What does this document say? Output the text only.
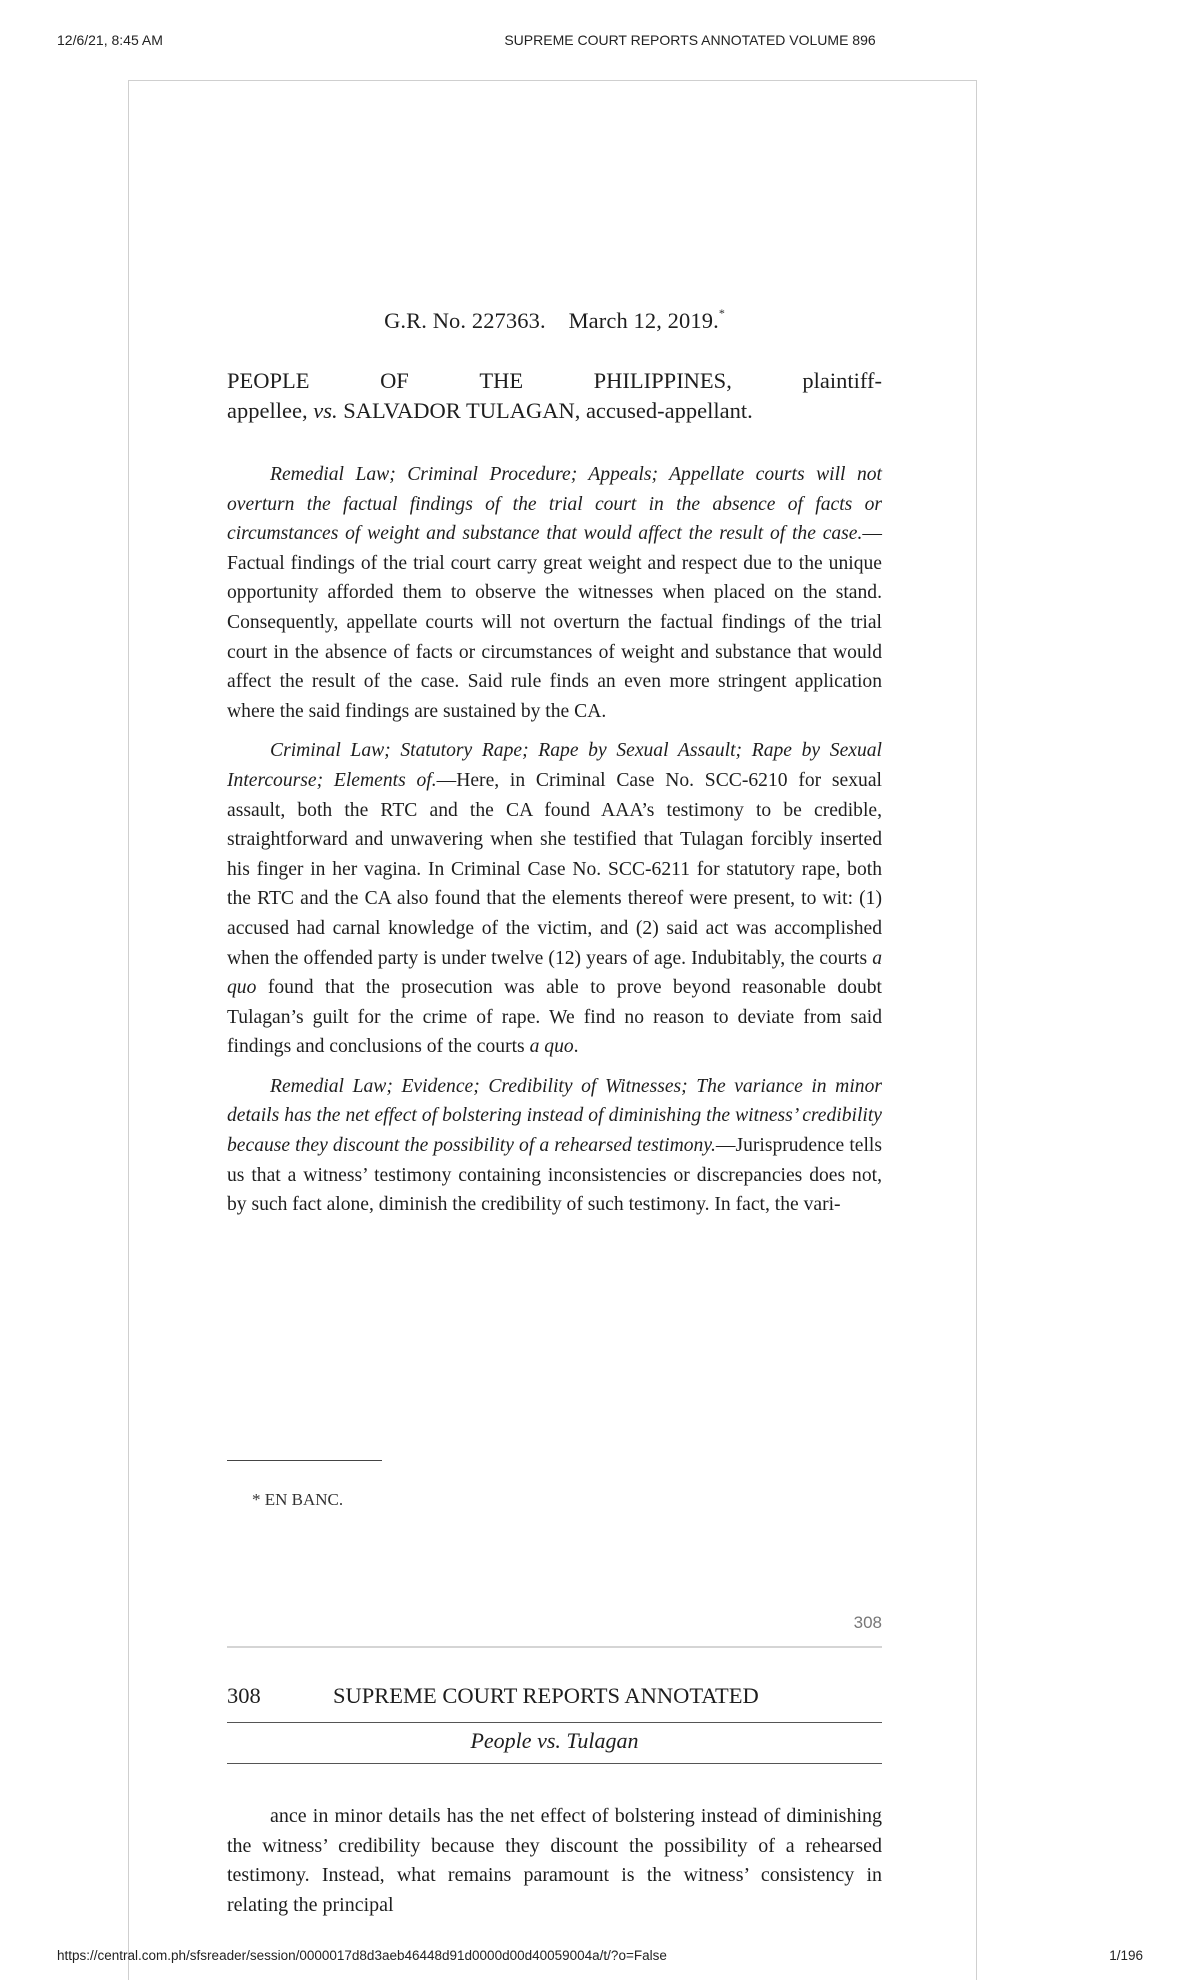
12/6/21, 8:45 AM	SUPREME COURT REPORTS ANNOTATED VOLUME 896
G.R. No. 227363. March 12, 2019.*
PEOPLE	OF	THE	PHILIPPINES,	plaintiff-
appellee, vs. SALVADOR TULAGAN, accused-appellant.

Remedial Law; Criminal Procedure; Appeals; Appellate courts will not overturn the factual findings of the trial court in the absence of facts or circumstances of weight and substance that would affect the result of the case.—Factual findings of the trial court carry great weight and respect due to the unique opportunity afforded them to observe the witnesses when placed on the stand. Consequently, appellate courts will not overturn the factual findings of the trial court in the absence of facts or circumstances of weight and substance that would affect the result of the case. Said rule finds an even more stringent application where the said findings are sustained by the CA.

Criminal Law; Statutory Rape; Rape by Sexual Assault; Rape by Sexual Intercourse; Elements of.—Here, in Criminal Case No. SCC-6210 for sexual assault, both the RTC and the CA found AAA’s testimony to be credible, straightforward and unwavering when she testified that Tulagan forcibly inserted his finger in her vagina. In Criminal Case No. SCC-6211 for statutory rape, both the RTC and the CA also found that the elements thereof were present, to wit: (1) accused had carnal knowledge of the victim, and (2) said act was accomplished when the offended party is under twelve (12) years of age. Indubitably, the courts a quo found that the prosecution was able to prove beyond reasonable doubt Tulagan’s guilt for the crime of rape. We find no reason to deviate from said findings and conclusions of the courts a quo.

Remedial Law; Evidence; Credibility of Witnesses; The variance in minor details has the net effect of bolstering instead of diminishing the witness’ credibility because they discount the possibility of a rehearsed testimony.—Jurisprudence tells us that a witness’ testimony containing inconsistencies or discrepancies does not, by such fact alone, diminish the credibility of such testimony. In fact, the vari-

* EN BANC.
308
308	SUPREME COURT REPORTS ANNOTATED
People vs. Tulagan

ance in minor details has the net effect of bolstering instead of diminishing the witness’ credibility because they discount the possibility of a rehearsed testimony. Instead, what remains paramount is the witness’ consistency in relating the principal

https://central.com.ph/sfsreader/session/0000017d8d3aeb46448d91d0000d00d40059004a/t/?o=False	1/196
